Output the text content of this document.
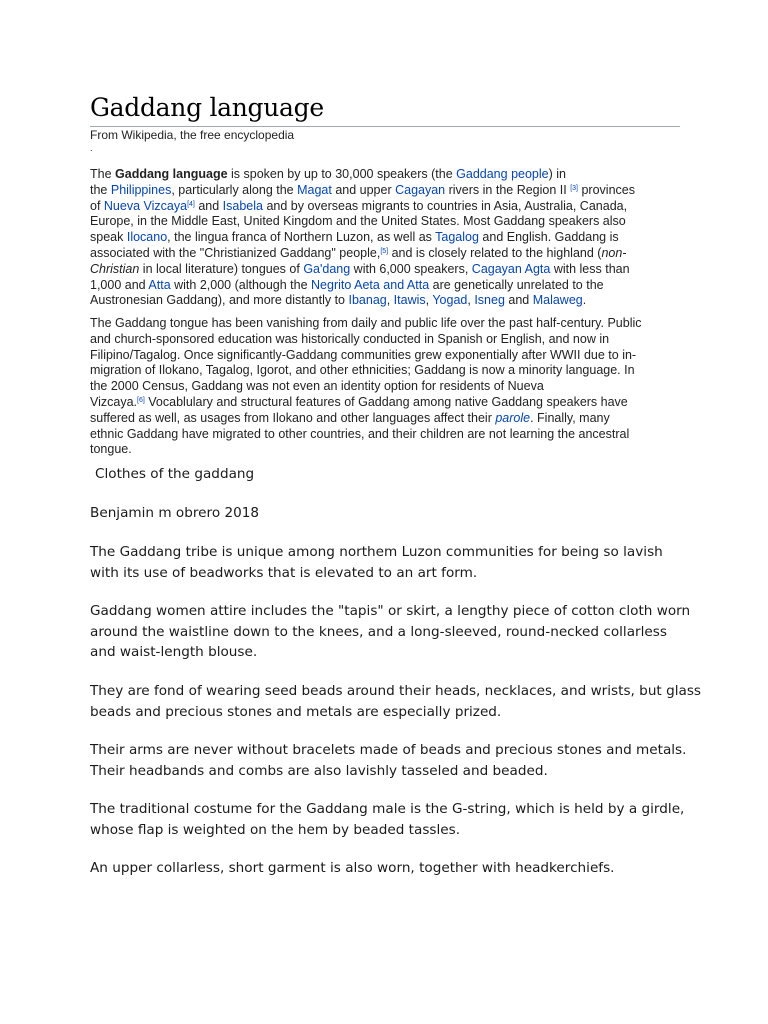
Gaddang language
From Wikipedia, the free encyclopedia
.

The Gaddang language is spoken by up to 30,000 speakers (the Gaddang people) in
the Philippines, particularly along the Magat and upper Cagayan rivers in the Region II [3] provinces
of Nueva Vizcaya[4] and Isabela and by overseas migrants to countries in Asia, Australia, Canada,
Europe, in the Middle East, United Kingdom and the United States. Most Gaddang speakers also
speak Ilocano, the lingua franca of Northern Luzon, as well as Tagalog and English. Gaddang is
associated with the "Christianized Gaddang" people,[5] and is closely related to the highland (non-
Christian in local literature) tongues of Ga'dang with 6,000 speakers, Cagayan Agta with less than
1,000 and Atta with 2,000 (although the Negrito Aeta and Atta are genetically unrelated to the
Austronesian Gaddang), and more distantly to Ibanag, Itawis, Yogad, Isneg and Malaweg.

The Gaddang tongue has been vanishing from daily and public life over the past half-century. Public
and church-sponsored education was historically conducted in Spanish or English, and now in
Filipino/Tagalog. Once significantly-Gaddang communities grew exponentially after WWII due to in-
migration of Ilokano, Tagalog, Igorot, and other ethnicities; Gaddang is now a minority language. In
the 2000 Census, Gaddang was not even an identity option for residents of Nueva
Vizcaya.[6] Vocablulary and structural features of Gaddang among native Gaddang speakers have
suffered as well, as usages from Ilokano and other languages affect their parole. Finally, many
ethnic Gaddang have migrated to other countries, and their children are not learning the ancestral
tongue.

Clothes of the gaddang
Benjamin m obrero 2018

The Gaddang tribe is unique among northem Luzon communities for being so lavish
with its use of beadworks that is elevated to an art form.

Gaddang women attire includes the "tapis" or skirt, a lengthy piece of cotton cloth worn
around the waistline down to the knees, and a long-sleeved, round-necked collarless
and waist-length blouse.

They are fond of wearing seed beads around their heads, necklaces, and wrists, but glass
beads and precious stones and metals are especially prized.

Their arms are never without bracelets made of beads and precious stones and metals.
Their headbands and combs are also lavishly tasseled and beaded.

The traditional costume for the Gaddang male is the G-string, which is held by a girdle,
whose flap is weighted on the hem by beaded tassles.

An upper collarless, short garment is also worn, together with headkerchiefs.
